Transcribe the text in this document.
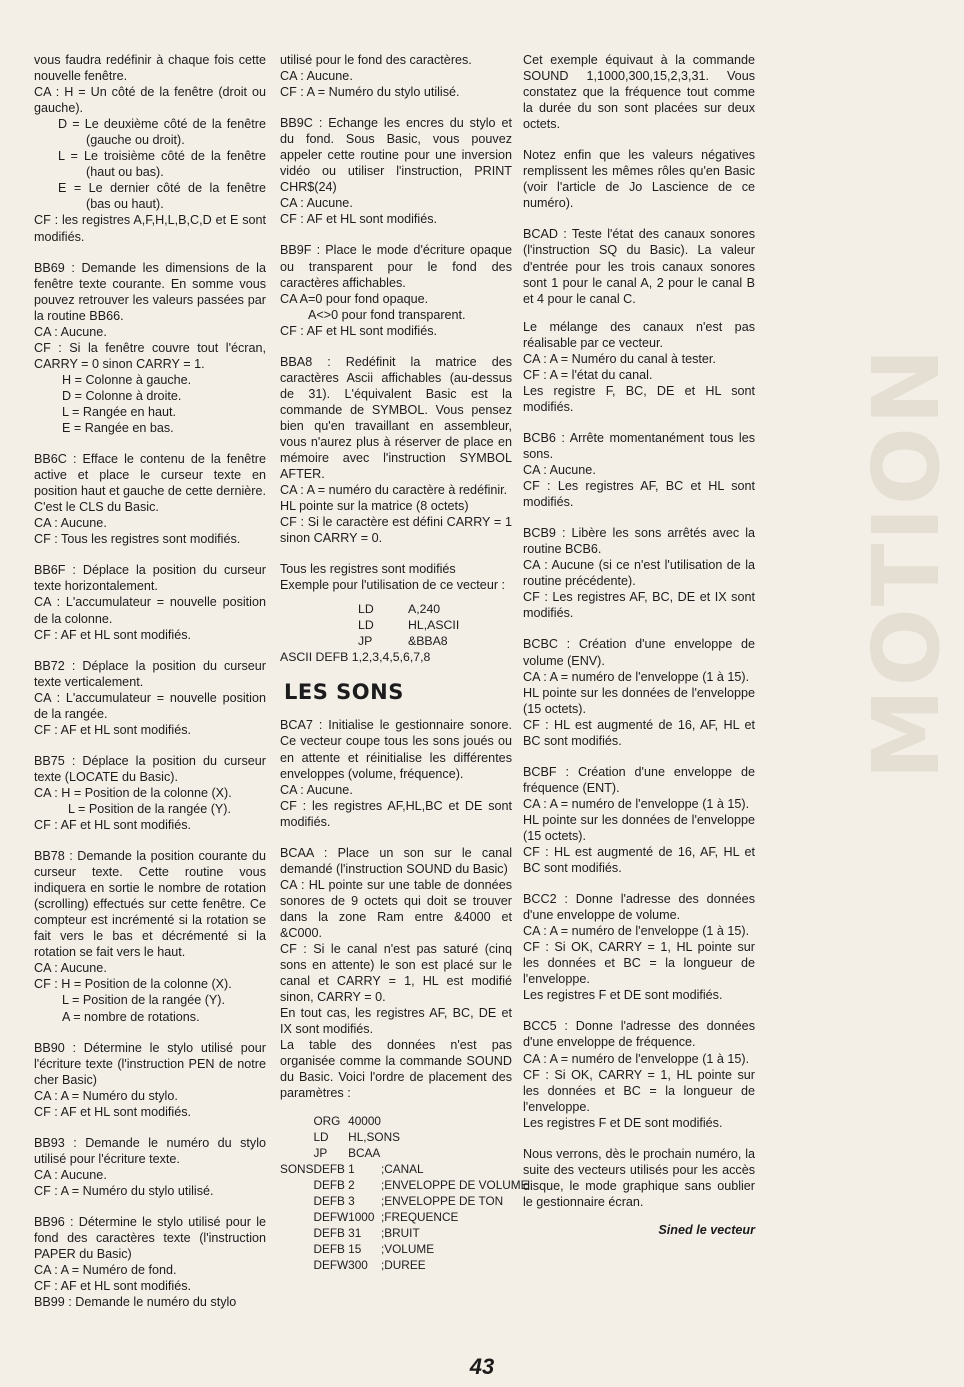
MOTION

vous faudra redéfinir à chaque fois cette nouvelle fenêtre.
CA : H = Un côté de la fenêtre (droit ou gauche).
D = Le deuxième côté de la fenêtre (gauche ou droit).
L = Le troisième côté de la fenêtre (haut ou bas).
E = Le dernier côté de la fenêtre (bas ou haut).
CF : les registres A,F,H,L,B,C,D et E sont modifiés.

BB69 : Demande les dimensions de la fenêtre texte courante. En somme vous pouvez retrouver les valeurs passées par la routine BB66.
CA : Aucune.
CF : Si la fenêtre couvre tout l'écran, CARRY = 0 sinon CARRY = 1.
H = Colonne à gauche.
D = Colonne à droite.
L = Rangée en haut.
E = Rangée en bas.

BB6C : Efface le contenu de la fenêtre active et place le curseur texte en position haut et gauche de cette dernière. C'est le CLS du Basic.
CA : Aucune.
CF : Tous les registres sont modifiés.

BB6F : Déplace la position du curseur texte horizontalement.
CA : L'accumulateur = nouvelle position de la colonne.
CF : AF et HL sont modifiés.

BB72 : Déplace la position du curseur texte verticalement.
CA : L'accumulateur = nouvelle position de la rangée.
CF : AF et HL sont modifiés.

BB75 : Déplace la position du curseur texte (LOCATE du Basic).
CA : H = Position de la colonne (X).
L = Position de la rangée (Y).
CF : AF et HL sont modifiés.

BB78 : Demande la position courante du curseur texte. Cette routine vous indiquera en sortie le nombre de rotation (scrolling) effectués sur cette fenêtre. Ce compteur est incrémenté si la rotation se fait vers le bas et décrémenté si la rotation se fait vers le haut.
CA : Aucune.
CF : H = Position de la colonne (X).
L = Position de la rangée (Y).
A = nombre de rotations.

BB90 : Détermine le stylo utilisé pour l'écriture texte (l'instruction PEN de notre cher Basic)
CA : A = Numéro du stylo.
CF : AF et HL sont modifiés.

BB93 : Demande le numéro du stylo utilisé pour l'écriture texte.
CA : Aucune.
CF : A = Numéro du stylo utilisé.

BB96 : Détermine le stylo utilisé pour le fond des caractères texte (l'instruction PAPER du Basic)
CA : A = Numéro de fond.
CF : AF et HL sont modifiés.
BB99 : Demande le numéro du stylo

utilisé pour le fond des caractères.
CA : Aucune.
CF : A = Numéro du stylo utilisé.

BB9C : Echange les encres du stylo et du fond. Sous Basic, vous pouvez appeler cette routine pour une inversion vidéo ou utiliser l'instruction, PRINT CHR$(24)
CA : Aucune.
CF : AF et HL sont modifiés.

BB9F : Place le mode d'écriture opaque ou transparent pour le fond des caractères affichables.
CA A=0 pour fond opaque.
A<>0 pour fond transparent.
CF : AF et HL sont modifiés.

BBA8 : Redéfinit la matrice des caractères Ascii affichables (au-dessus de 31). L'équivalent Basic est la commande de SYMBOL. Vous pensez bien qu'en travaillant en assembleur, vous n'aurez plus à réserver de place en mémoire avec l'instruction SYMBOL AFTER.
CA : A = numéro du caractère à redéfinir.
HL pointe sur la matrice (8 octets)
CF : Si le caractère est défini CARRY = 1 sinon CARRY = 0.

Tous les registres sont modifiés
Exemple pour l'utilisation de ce vecteur :

	LD	A,240
	LD	HL,ASCII
	JP	&BBA8
ASCII DEFB 1,2,3,4,5,6,7,8		
LES SONS

BCA7 : Initialise le gestionnaire sonore. Ce vecteur coupe tous les sons joués ou en attente et réinitialise les différentes enveloppes (volume, fréquence).
CA : Aucune.
CF : les registres AF,HL,BC et DE sont modifiés.

BCAA : Place un son sur le canal demandé (l'instruction SOUND du Basic)
CA : HL pointe sur une table de données sonores de 9 octets qui doit se trouver dans la zone Ram entre &4000 et &C000.
CF : Si le canal n'est pas saturé (cinq sons en attente) le son est placé sur le canal et CARRY = 1, HL est modifié sinon, CARRY = 0.
En tout cas, les registres AF, BC, DE et IX sont modifiés.
La table des données n'est pas organisée comme la commande SOUND du Basic. Voici l'ordre de placement des paramètres :

	ORG	40000	
	LD	HL,SONS	
	JP	BCAA	
SONS	DEFB	1	;CANAL
	DEFB	2	;ENVELOPPE DE VOLUME
	DEFB	3	;ENVELOPPE DE TON
	DEFW	1000	;FREQUENCE
	DEFB	31	;BRUIT
	DEFB	15	;VOLUME
	DEFW	300	;DUREE

Cet exemple équivaut à la commande SOUND 1,1000,300,15,2,3,31. Vous constatez que la fréquence tout comme la durée du son sont placées sur deux octets.

Notez enfin que les valeurs négatives remplissent les mêmes rôles qu'en Basic (voir l'article de Jo Lascience de ce numéro).

BCAD : Teste l'état des canaux sonores (l'instruction SQ du Basic). La valeur d'entrée pour les trois canaux sonores sont 1 pour le canal A, 2 pour le canal B et 4 pour le canal C.

Le mélange des canaux n'est pas réalisable par ce vecteur.
CA : A = Numéro du canal à tester.
CF : A = l'état du canal.
Les registre F, BC, DE et HL sont modifiés.

BCB6 : Arrête momentanément tous les sons.
CA : Aucune.
CF : Les registres AF, BC et HL sont modifiés.

BCB9 : Libère les sons arrêtés avec la routine BCB6.
CA : Aucune (si ce n'est l'utilisation de la routine précédente).
CF : Les registres AF, BC, DE et IX sont modifiés.

BCBC : Création d'une enveloppe de volume (ENV).
CA : A = numéro de l'enveloppe (1 à 15).
HL pointe sur les données de l'enveloppe (15 octets).
CF : HL est augmenté de 16, AF, HL et BC sont modifiés.

BCBF : Création d'une enveloppe de fréquence (ENT).
CA : A = numéro de l'enveloppe (1 à 15).
HL pointe sur les données de l'enveloppe (15 octets).
CF : HL est augmenté de 16, AF, HL et BC sont modifiés.

BCC2 : Donne l'adresse des données d'une enveloppe de volume.
CA : A = numéro de l'enveloppe (1 à 15).
CF : Si OK, CARRY = 1, HL pointe sur les données et BC = la longueur de l'enveloppe.
Les registres F et DE sont modifiés.

BCC5 : Donne l'adresse des données d'une enveloppe de fréquence.
CA : A = numéro de l'enveloppe (1 à 15).
CF : Si OK, CARRY = 1, HL pointe sur les données et BC = la longueur de l'enveloppe.
Les registres F et DE sont modifiés.

Nous verrons, dès le prochain numéro, la suite des vecteurs utilisés pour les accès disque, le mode graphique sans oublier le gestionnaire écran.

Sined le vecteur
43
